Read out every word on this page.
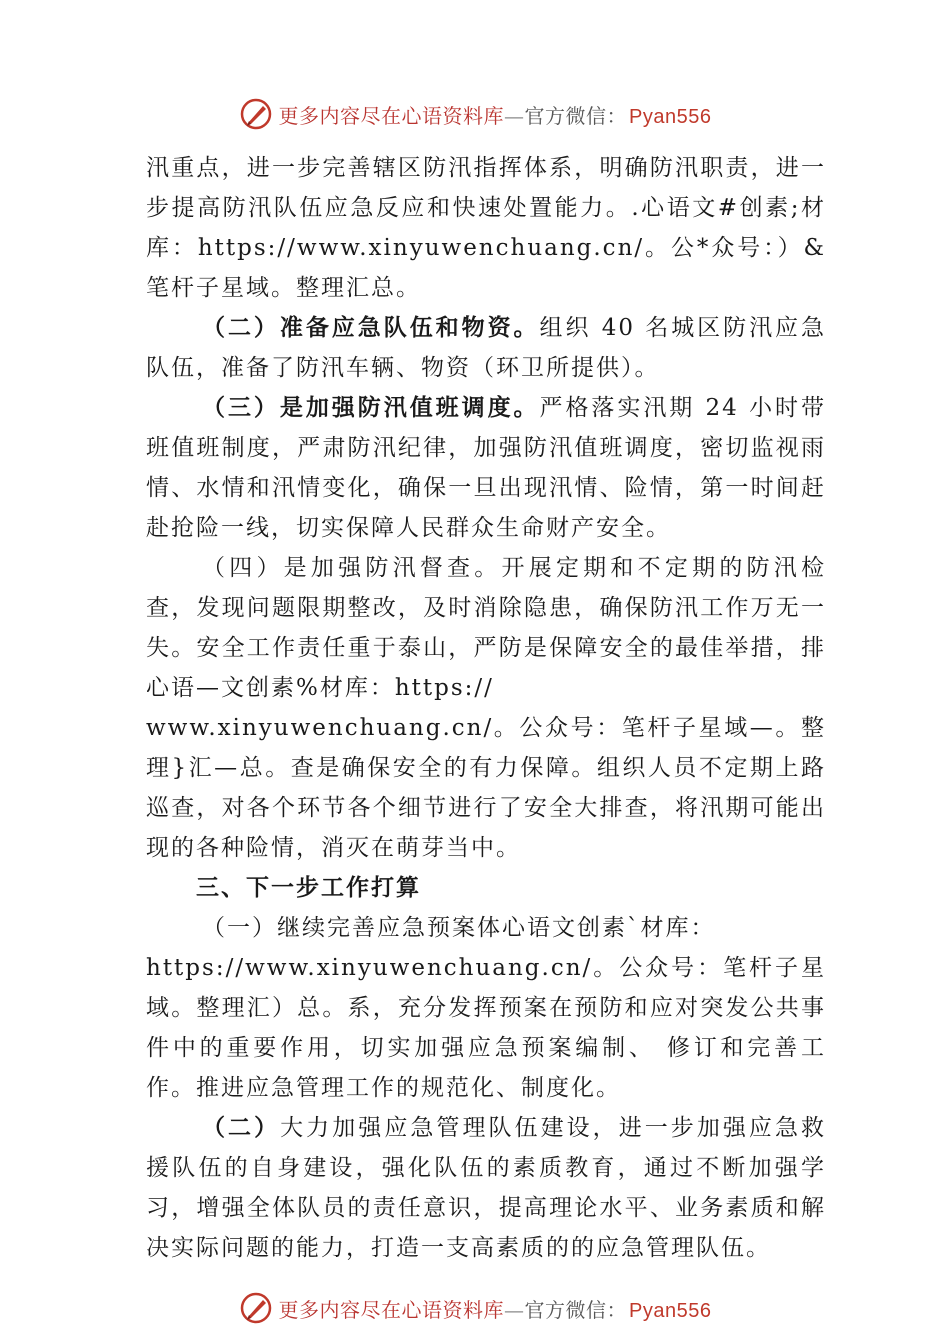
更多内容尽在心语资料库—官方微信： Pyan556

汛重点，进一步完善辖区防汛指挥体系，明确防汛职责，进一步提高防汛队伍应急反应和快速处置能力。.心语文#创素;材库：https://www.xinyuwenchuang.cn/。公*众号：）&笔杆子星域。整理汇总。

（二）准备应急队伍和物资。组织 40 名城区防汛应急队伍，准备了防汛车辆、物资（环卫所提供）。

（三）是加强防汛值班调度。严格落实汛期 24 小时带班值班制度，严肃防汛纪律，加强防汛值班调度，密切监视雨情、水情和汛情变化，确保一旦出现汛情、险情，第一时间赶赴抢险一线，切实保障人民群众生命财产安全。

（四）是加强防汛督查。开展定期和不定期的防汛检查，发现问题限期整改，及时消除隐患，确保防汛工作万无一失。安全工作责任重于泰山，严防是保障安全的最佳举措，排心语—文创素%材库：https://

www.xinyuwenchuang.cn/。公众号：笔杆子星域—。整理}汇—总。查是确保安全的有力保障。组织人员不定期上路巡查，对各个环节各个细节进行了安全大排查，将汛期可能出现的各种险情，消灭在萌芽当中。

三、下一步工作打算

（一）继续完善应急预案体心语文创素`材库：

https://www.xinyuwenchuang.cn/。公众号：笔杆子星域。整理汇）总。系，充分发挥预案在预防和应对突发公共事件中的重要作用，切实加强应急预案编制、 修订和完善工作。推进应急管理工作的规范化、制度化。

（二）大力加强应急管理队伍建设，进一步加强应急救援队伍的自身建设，强化队伍的素质教育，通过不断加强学习，增强全体队员的责任意识，提高理论水平、业务素质和解决实际问题的能力，打造一支高素质的的应急管理队伍。

更多内容尽在心语资料库—官方微信： Pyan556
